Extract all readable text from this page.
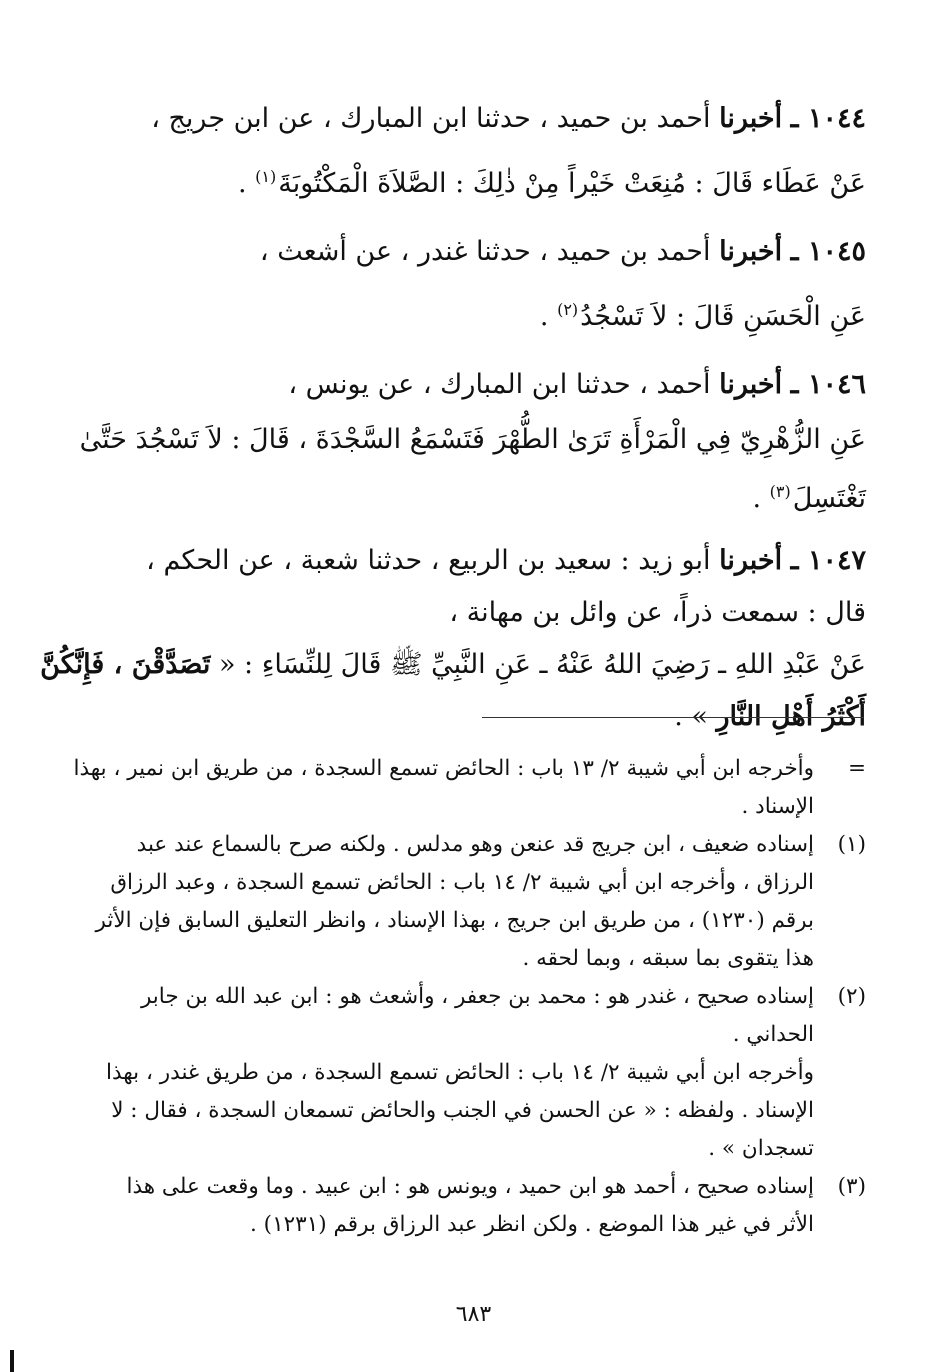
١٠٤٤ ـ أخبرنا أحمد بن حميد ، حدثنا ابن المبارك ، عن ابن جريج ،
عَنْ عَطَاء قَالَ : مُنِعَتْ خَيْراً مِنْ ذٰلِكَ : الصَّلاَةَ الْمَكْتُوبَةَ$^{(١)}$ .
١٠٤٥ ـ أخبرنا أحمد بن حميد ، حدثنا غندر ، عن أشعث ،
عَنِ الْحَسَنِ قَالَ : لاَ تَسْجُدُ$^{(٢)}$ .
١٠٤٦ ـ أخبرنا أحمد ، حدثنا ابن المبارك ، عن يونس ،
عَنِ الزُّهْرِيّ فِي الْمَرْأَةِ تَرَىٰ الطُّهْرَ فَتَسْمَعُ السَّجْدَةَ ، قَالَ : لاَ تَسْجُدَ حَتَّىٰ
تَغْتَسِلَ$^{(٣)}$ .
١٠٤٧ ـ أخبرنا أبو زيد : سعيد بن الربيع ، حدثنا شعبة ، عن الحكم ،
قال : سمعت ذراً، عن وائل بن مهانة ،
عَنْ عَبْدِ اللهِ ـ رَضِيَ اللهُ عَنْهُ ـ عَنِ النَّبِيِّ ﷺ قَالَ لِلنِّسَاءِ : « تَصَدَّقْنَ ، فَإِنَّكُنَّ
أَكْثَرُ أَهْلِ النَّارِ » .
=
وأخرجه ابن أبي شيبة ٢/ ١٣ باب : الحائض تسمع السجدة ، من طريق ابن نمير ، بهذا
الإسناد .
(١)
إسناده ضعيف ، ابن جريج قد عنعن وهو مدلس . ولكنه صرح بالسماع عند عبد
الرزاق ، وأخرجه ابن أبي شيبة ٢/ ١٤ باب : الحائض تسمع السجدة ، وعبد الرزاق
برقم (١٢٣٠) ، من طريق ابن جريج ، بهذا الإسناد ، وانظر التعليق السابق فإن الأثر
هذا يتقوى بما سبقه ، وبما لحقه .
(٢)
إسناده صحيح ، غندر هو : محمد بن جعفر ، وأشعث هو : ابن عبد الله بن جابر
الحداني .
وأخرجه ابن أبي شيبة ٢/ ١٤ باب : الحائض تسمع السجدة ، من طريق غندر ، بهذا
الإسناد . ولفظه : « عن الحسن في الجنب والحائض تسمعان السجدة ، فقال : لا
تسجدان » .
(٣)
إسناده صحيح ، أحمد هو ابن حميد ، ويونس هو : ابن عبيد . وما وقعت على هذا
الأثر في غير هذا الموضع . ولكن انظر عبد الرزاق برقم (١٢٣١) .
٦٨٣
